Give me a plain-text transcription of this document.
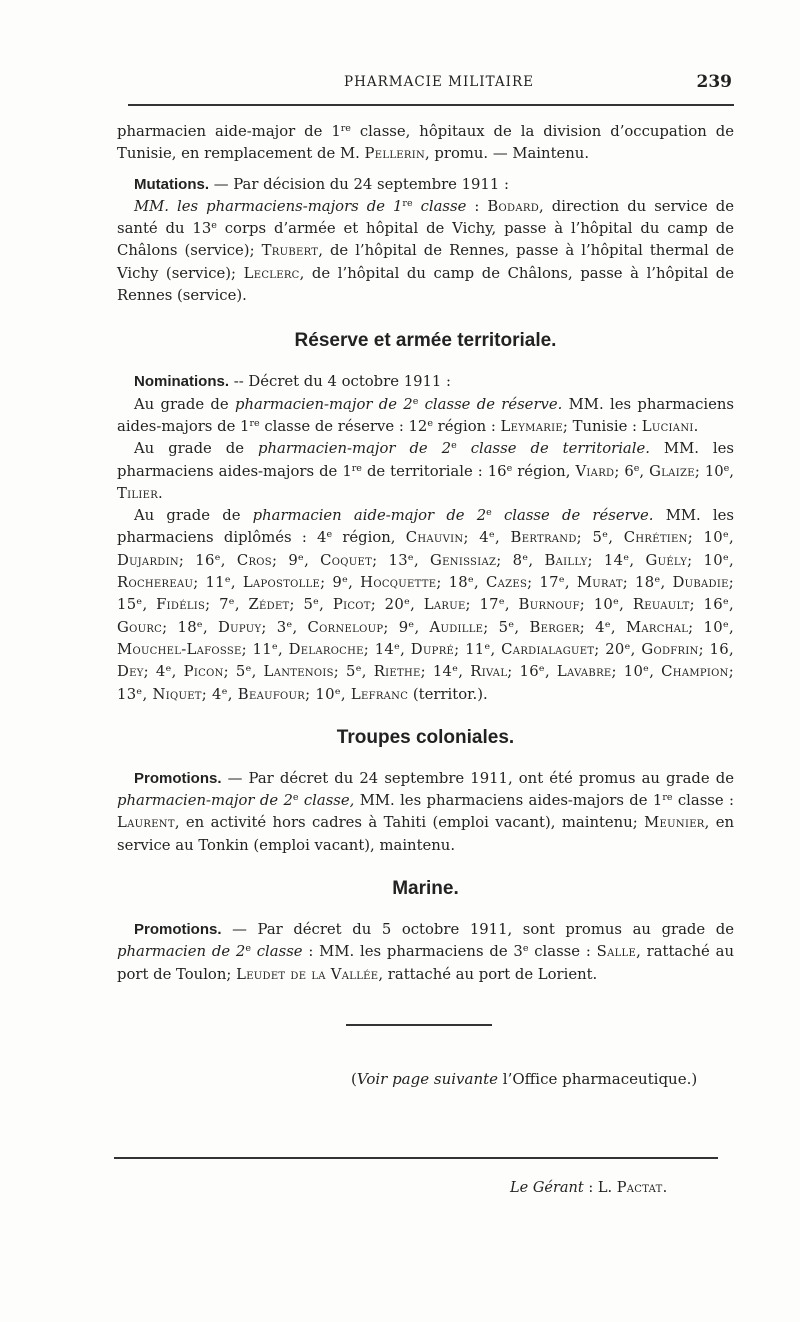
PHARMACIE MILITAIRE	239

pharmacien aide-major de 1re classe, hôpitaux de la division d’occupation de Tunisie, en remplacement de M. Pellerin, promu. — Maintenu.

Mutations. — Par décision du 24 septembre 1911 :

MM. les pharmaciens-majors de 1re classe : Bodard, direction du service de santé du 13e corps d’armée et hôpital de Vichy, passe à l’hôpital du camp de Châlons (service); Trubert, de l’hôpital de Rennes, passe à l’hôpital thermal de Vichy (service); Leclerc, de l’hôpital du camp de Châlons, passe à l’hôpital de Rennes (service).

Réserve et armée territoriale.

Nominations. -- Décret du 4 octobre 1911 :

Au grade de pharmacien-major de 2e classe de réserve. MM. les pharmaciens aides-majors de 1re classe de réserve : 12e région : Leymarie; Tunisie : Luciani.

Au grade de pharmacien-major de 2e classe de territoriale. MM. les pharmaciens aides-majors de 1re de territoriale : 16e région, Viard; 6e, Glaize; 10e, Tilier.

Au grade de pharmacien aide-major de 2e classe de réserve. MM. les pharmaciens diplômés : 4e région, Chauvin; 4ᵉ, Bertrand; 5ᵉ, Chrétien; 10ᵉ, Dujardin; 16ᵉ, Cros; 9ᵉ, Coquet; 13ᵉ, Genissiaz; 8ᵉ, Bailly; 14ᵉ, Guély; 10ᵉ, Rochereau; 11ᵉ, Lapostolle; 9ᵉ, Hocquette; 18ᵉ, Cazes; 17ᵉ, Murat; 18ᵉ, Dubadie; 15ᵉ, Fidélis; 7ᵉ, Zédet; 5ᵉ, Picot; 20ᵉ, Larue; 17ᵉ, Burnouf; 10ᵉ, Reuault; 16ᵉ, Gourc; 18ᵉ, Dupuy; 3ᵉ, Corneloup; 9ᵉ, Audille; 5ᵉ, Berger; 4ᵉ, Marchal; 10ᵉ, Mouchel-Lafosse; 11ᵉ, Delaroche; 14ᵉ, Dupré; 11ᵉ, Cardialaguet; 20ᵉ, Godfrin; 16, Dey; 4ᵉ, Picon; 5ᵉ, Lantenois; 5ᵉ, Riethe; 14ᵉ, Rival; 16ᵉ, Lavabre; 10ᵉ, Champion; 13ᵉ, Niquet; 4ᵉ, Beaufour; 10ᵉ, Lefranc (territor.).

Troupes coloniales.

Promotions. — Par décret du 24 septembre 1911, ont été promus au grade de pharmacien-major de 2e classe, MM. les pharmaciens aides-majors de 1re classe : Laurent, en activité hors cadres à Tahiti (emploi vacant), maintenu; Meunier, en service au Tonkin (emploi vacant), maintenu.

Marine.

Promotions. — Par décret du 5 octobre 1911, sont promus au grade de pharmacien de 2e classe : MM. les pharmaciens de 3e classe : Salle, rattaché au port de Toulon; Leudet de la Vallée, rattaché au port de Lorient.

(Voir page suivante l’Office pharmaceutique.)
Le Gérant : L. Pactat.
